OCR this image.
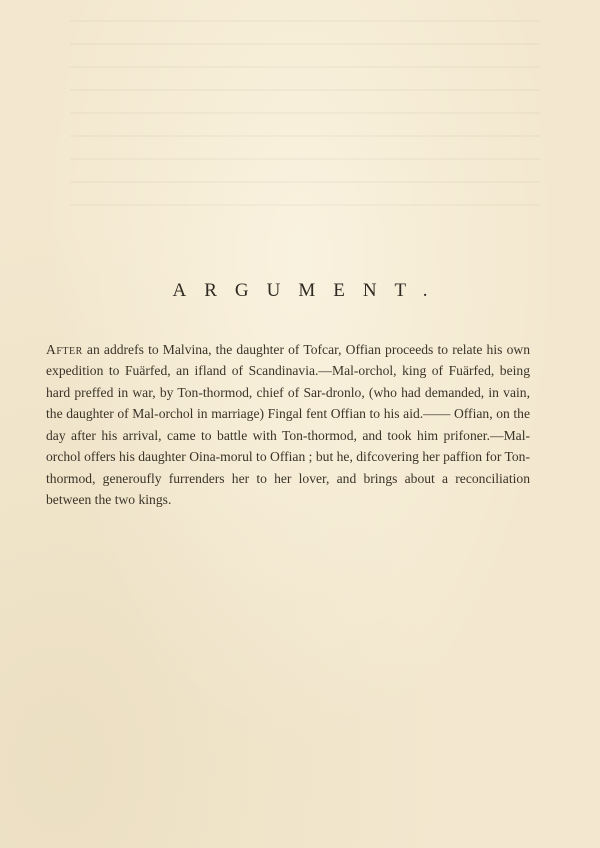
ARGUMENT.

After an addrefs to Malvina, the daughter of Tofcar, Offian proceeds to relate his own expedition to Fuärfed, an ifland of Scandinavia.—Mal-orchol, king of Fuärfed, being hard preffed in war, by Ton-thormod, chief of Sar-dronlo, (who had demanded, in vain, the daughter of Mal-orchol in marriage) Fingal fent Offian to his aid.—— Offian, on the day after his arrival, came to battle with Ton-thormod, and took him prifoner.—Mal-orchol offers his daughter Oina-morul to Offian ; but he, difcovering her paffion for Ton-thormod, generoufly furrenders her to her lover, and brings about a reconciliation between the two kings.
